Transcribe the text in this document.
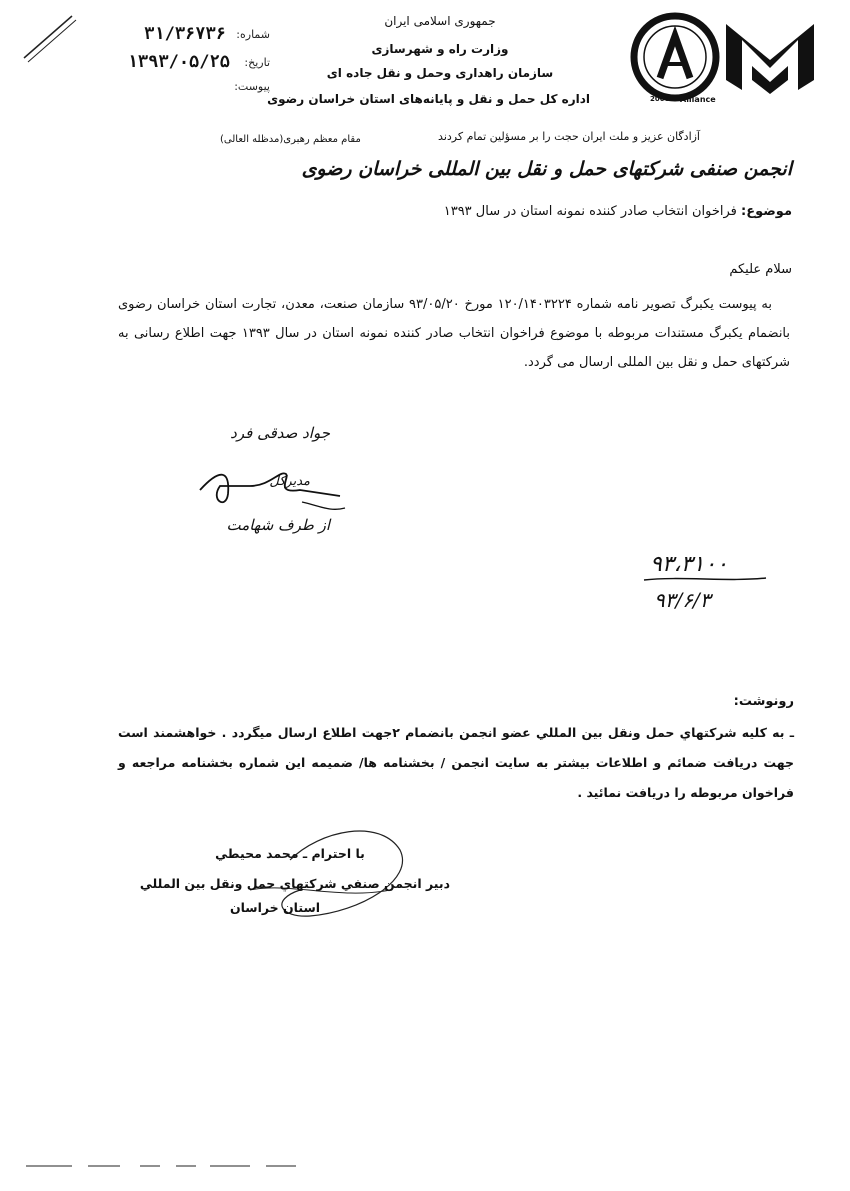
شماره:
۳۱/۳۶۷۳۶
تاریخ:
۱۳۹۳/۰۵/۲۵
پیوست:
جمهوری اسلامی ایران
وزارت راه و شهرسازی
سازمان راهداری وحمل و نقل جاده ای
اداره کل حمل و نقل و پایانه‌های استان خراسان رضوی	2000 Alliance
آزادگان عزیز و ملت ایران حجت را بر مسؤلین تمام کردند
مقام معظم رهبری(مدظله العالی)
انجمن صنفی شرکتهای حمل و نقل بین المللی خراسان رضوی
موضوع: فراخوان انتخاب صادر کننده نمونه استان در سال ۱۳۹۳
سلام علیکم
به پیوست یکبرگ تصویر نامه شماره ۱۲۰/۱۴۰۳۲۲۴ مورخ ۹۳/۰۵/۲۰ سازمان صنعت، معدن، تجارت استان خراسان رضوی بانضمام یکبرگ مستندات مربوطه با موضوع فراخوان انتخاب صادر کننده نمونه استان در سال ۱۳۹۳ جهت اطلاع رسانی به شرکتهای حمل و نقل بین المللی ارسال می گردد.
جواد صدقی فرد
مدیرکل
از طرف شهامت
۹۳،۳۱۰۰
۹۳/۶/۳
رونوشت:
ـ به کلیه شرکتهاي حمل ونقل بین المللي عضو انجمن بانضمام ۲جهت اطلاع ارسال میگردد . خواهشمند است جهت دریافت ضمائم و اطلاعات بیشتر به سایت انجمن / بخشنامه ها/ ضمیمه این شماره بخشنامه مراجعه و فراخوان مربوطه را دریافت نمائید .
با احترام ـ محمد محیطي
دبیر انجمن صنفي شرکتهاي حمل ونقل بین المللي
استان خراسان
